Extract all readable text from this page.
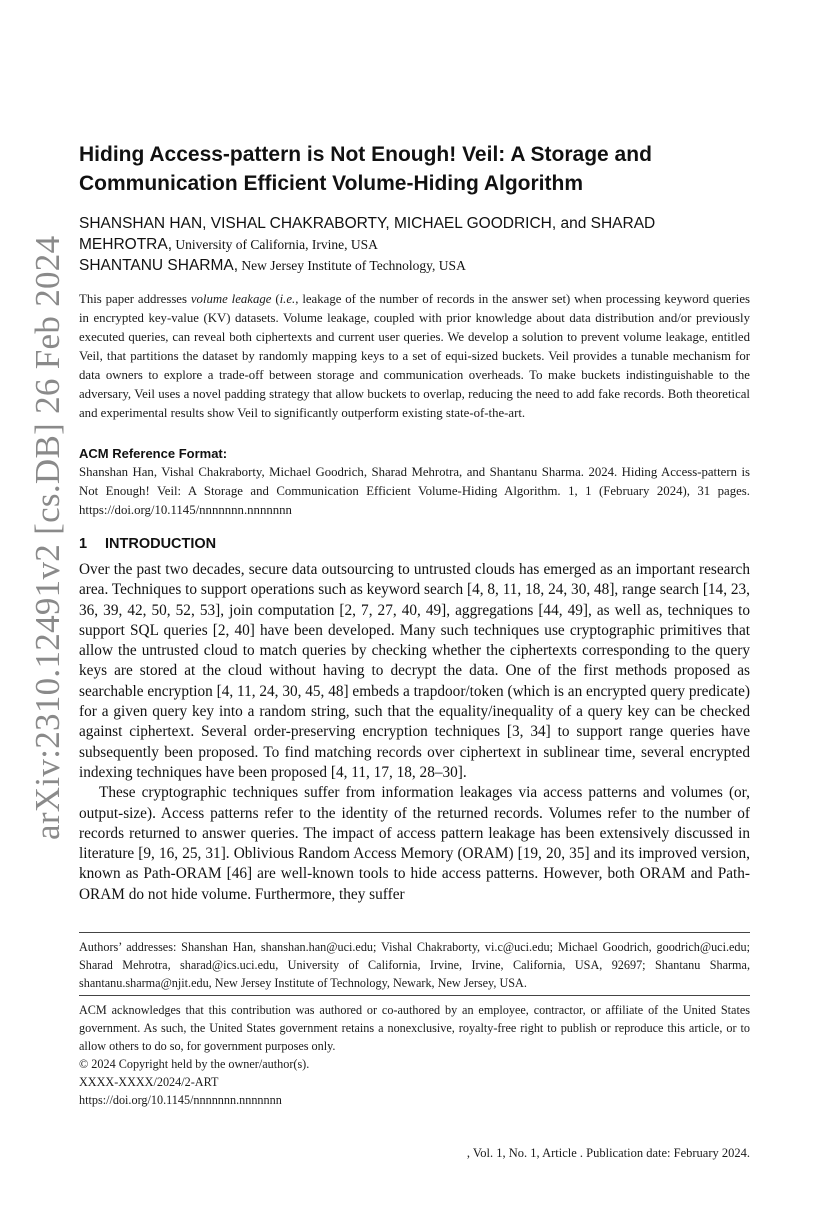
arXiv:2310.12491v2 [cs.DB] 26 Feb 2024
Hiding Access-pattern is Not Enough! Veil: A Storage and
Communication Efficient Volume-Hiding Algorithm
SHANSHAN HAN, VISHAL CHAKRABORTY, MICHAEL GOODRICH, and SHARAD
MEHROTRA, University of California, Irvine, USA
SHANTANU SHARMA, New Jersey Institute of Technology, USA
This paper addresses volume leakage (i.e., leakage of the number of records in the answer set) when processing keyword queries in encrypted key-value (KV) datasets. Volume leakage, coupled with prior knowledge about data distribution and/or previously executed queries, can reveal both ciphertexts and current user queries. We develop a solution to prevent volume leakage, entitled Veil, that partitions the dataset by randomly mapping keys to a set of equi-sized buckets. Veil provides a tunable mechanism for data owners to explore a trade-off between storage and communication overheads. To make buckets indistinguishable to the adversary, Veil uses a novel padding strategy that allow buckets to overlap, reducing the need to add fake records. Both theoretical and experimental results show Veil to significantly outperform existing state-of-the-art.
ACM Reference Format:
Shanshan Han, Vishal Chakraborty, Michael Goodrich, Sharad Mehrotra, and Shantanu Sharma. 2024. Hiding Access-pattern is Not Enough! Veil: A Storage and Communication Efficient Volume-Hiding Algorithm. 1, 1 (February 2024), 31 pages. https://doi.org/10.1145/nnnnnnn.nnnnnnn
1 INTRODUCTION

Over the past two decades, secure data outsourcing to untrusted clouds has emerged as an important research area. Techniques to support operations such as keyword search [4, 8, 11, 18, 24, 30, 48], range search [14, 23, 36, 39, 42, 50, 52, 53], join computation [2, 7, 27, 40, 49], aggregations [44, 49], as well as, techniques to support SQL queries [2, 40] have been developed. Many such techniques use cryptographic primitives that allow the untrusted cloud to match queries by checking whether the ciphertexts corresponding to the query keys are stored at the cloud without having to decrypt the data. One of the first methods proposed as searchable encryption [4, 11, 24, 30, 45, 48] embeds a trapdoor/token (which is an encrypted query predicate) for a given query key into a random string, such that the equality/inequality of a query key can be checked against ciphertext. Several order-preserving encryption techniques [3, 34] to support range queries have subsequently been proposed. To find matching records over ciphertext in sublinear time, several encrypted indexing techniques have been proposed [4, 11, 17, 18, 28–30].

These cryptographic techniques suffer from information leakages via access patterns and volumes (or, output-size). Access patterns refer to the identity of the returned records. Volumes refer to the number of records returned to answer queries. The impact of access pattern leakage has been extensively discussed in literature [9, 16, 25, 31]. Oblivious Random Access Memory (ORAM) [19, 20, 35] and its improved version, known as Path-ORAM [46] are well-known tools to hide access patterns. However, both ORAM and Path-ORAM do not hide volume. Furthermore, they suffer

Authors’ addresses: Shanshan Han, shanshan.han@uci.edu; Vishal Chakraborty, vi.c@uci.edu; Michael Goodrich, goodrich@uci.edu; Sharad Mehrotra, sharad@ics.uci.edu, University of California, Irvine, Irvine, California, USA, 92697; Shantanu Sharma, shantanu.sharma@njit.edu, New Jersey Institute of Technology, Newark, New Jersey, USA.

ACM acknowledges that this contribution was authored or co-authored by an employee, contractor, or affiliate of the United States government. As such, the United States government retains a nonexclusive, royalty-free right to publish or reproduce this article, or to allow others to do so, for government purposes only.

© 2024 Copyright held by the owner/author(s).

XXXX-XXXX/2024/2-ART

https://doi.org/10.1145/nnnnnnn.nnnnnnn

, Vol. 1, No. 1, Article . Publication date: February 2024.
